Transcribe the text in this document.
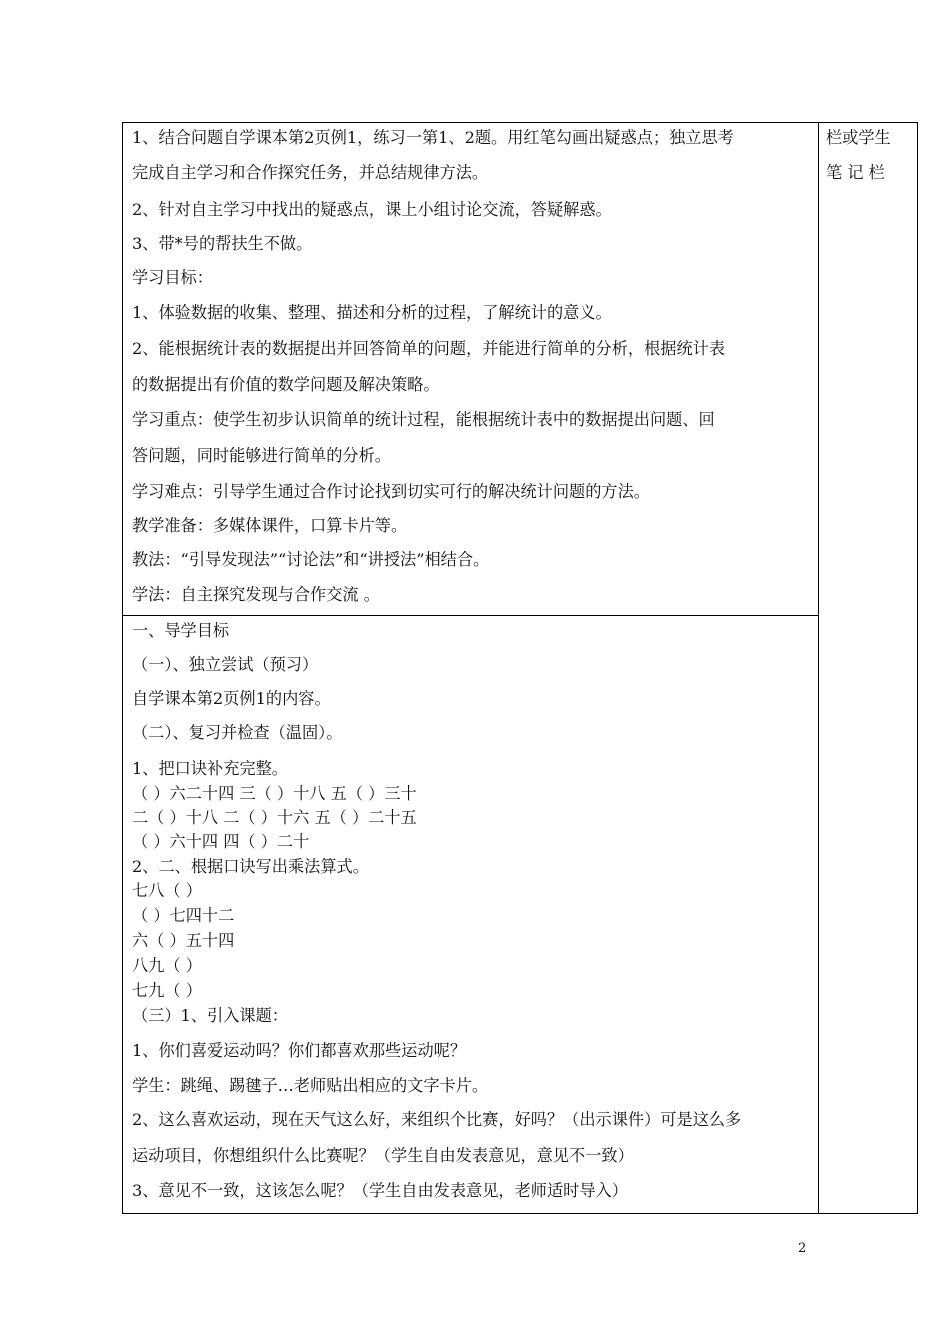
栏或学生
笔 记 栏
1、结合问题自学课本第2页例1，练习一第1、2题。用红笔勾画出疑惑点；独立思考
完成自主学习和合作探究任务，并总结规律方法。
2、针对自主学习中找出的疑惑点，课上小组讨论交流，答疑解惑。
3、带*号的帮扶生不做。
学习目标：
1、体验数据的收集、整理、描述和分析的过程，了解统计的意义。
2、能根据统计表的数据提出并回答简单的问题，并能进行简单的分析，根据统计表
的数据提出有价值的数学问题及解决策略。
学习重点：使学生初步认识简单的统计过程，能根据统计表中的数据提出问题、回
答问题，同时能够进行简单的分析。
学习难点：引导学生通过合作讨论找到切实可行的解决统计问题的方法。
教学准备：多媒体课件，口算卡片等。
教法：“引导发现法”“讨论法”和“讲授法”相结合。
学法：自主探究发现与合作交流 。
一、导学目标
（一）、独立尝试（预习）
自学课本第2页例1的内容。
（二）、复习并检查（温固）。
1、把口诀补充完整。
（ ）六二十四 三（ ）十八 五（ ）三十
二（ ）十八 二（ ）十六 五（ ）二十五
（ ）六十四 四（ ）二十
2、二、根据口诀写出乘法算式。
七八（ ）
（ ）七四十二
六（ ）五十四
八九（ ）
七九（ ）
（三）1、引入课题：
1、你们喜爱运动吗？你们都喜欢那些运动呢？
学生：跳绳、踢毽子…老师贴出相应的文字卡片。
2、这么喜欢运动，现在天气这么好，来组织个比赛，好吗？（出示课件）可是这么多
运动项目，你想组织什么比赛呢？（学生自由发表意见，意见不一致）
3、意见不一致，这该怎么呢？（学生自由发表意见，老师适时导入）
2
